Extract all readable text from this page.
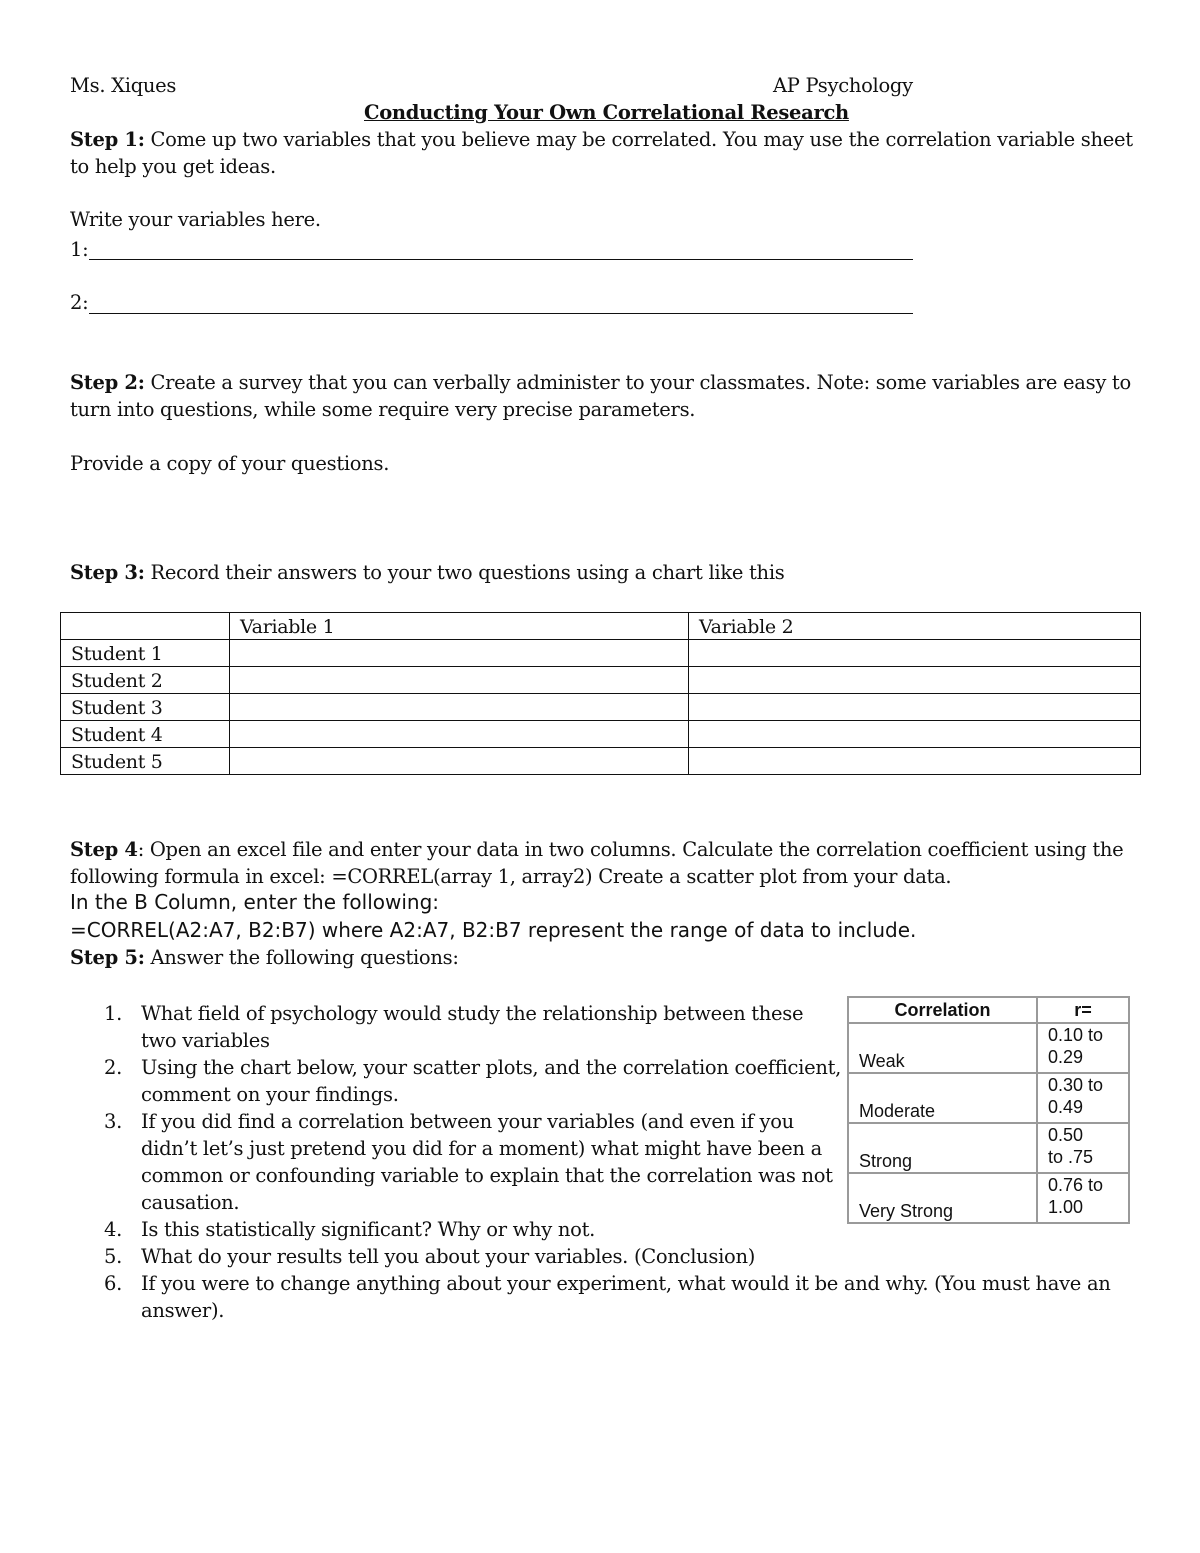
Ms. Xiques	AP Psychology
Conducting Your Own Correlational Research
Step 1: Come up two variables that you believe may be correlated. You may use the correlation variable sheet
to help you get ideas.
Write your variables here.
1:
2:
Step 2: Create a survey that you can verbally administer to your classmates. Note: some variables are easy to
turn into questions, while some require very precise parameters.
Provide a copy of your questions.
Step 3: Record their answers to your two questions using a chart like this
	Variable 1	Variable 2
Student 1		
Student 2		
Student 3		
Student 4		
Student 5		
Step 4: Open an excel file and enter your data in two columns. Calculate the correlation coefficient using the
following formula in excel: =CORREL(array 1, array2) Create a scatter plot from your data.
In the B Column, enter the following:
=CORREL(A2:A7, B2:B7) where A2:A7, B2:B7 represent the range of data to include.
Step 5: Answer the following questions:
1. What field of psychology would study the relationship between these
two variables
2. Using the chart below, your scatter plots, and the correlation coefficient,
comment on your findings.
3. If you did find a correlation between your variables (and even if you
didn’t let’s just pretend you did for a moment) what might have been a
common or confounding variable to explain that the correlation was not
causation.
4. Is this statistically significant? Why or why not.
5. What do your results tell you about your variables. (Conclusion)
6. If you were to change anything about your experiment, what would it be and why. (You must have an
answer).
Correlation	r=
Weak	0.10 to
0.29
Moderate	0.30 to
0.49
Strong	0.50
to .75
Very Strong	0.76 to
1.00
